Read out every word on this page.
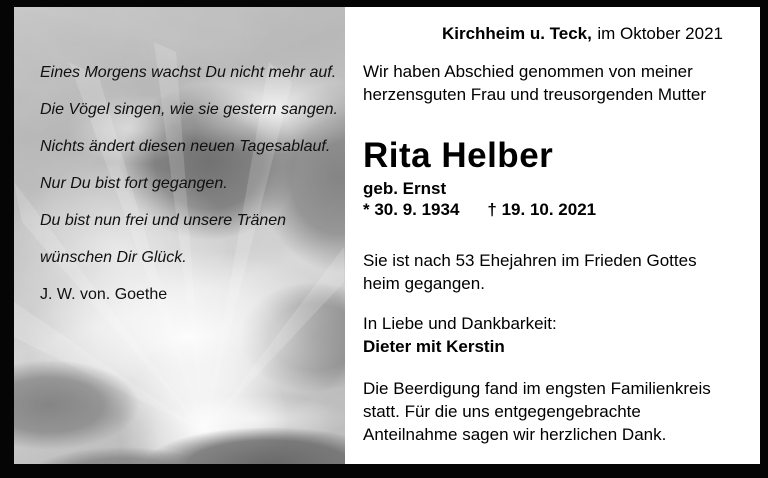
Eines Morgens wachst Du nicht mehr auf.
Die Vögel singen, wie sie gestern sangen.
Nichts ändert diesen neuen Tagesablauf.
Nur Du bist fort gegangen.
Du bist nun frei und unsere Tränen
wünschen Dir Glück.
J. W. von. Goethe
Kirchheim u. Teck, im Oktober 2021
Wir haben Abschied genommen von meiner
herzensguten Frau und treusorgenden Mutter
Rita Helber
geb. Ernst
* 30. 9. 1934 † 19. 10. 2021
Sie ist nach 53 Ehejahren im Frieden Gottes
heim gegangen.
In Liebe und Dankbarkeit:
Dieter mit Kerstin
Die Beerdigung fand im engsten Familienkreis
statt. Für die uns entgegengebrachte
Anteilnahme sagen wir herzlichen Dank.
